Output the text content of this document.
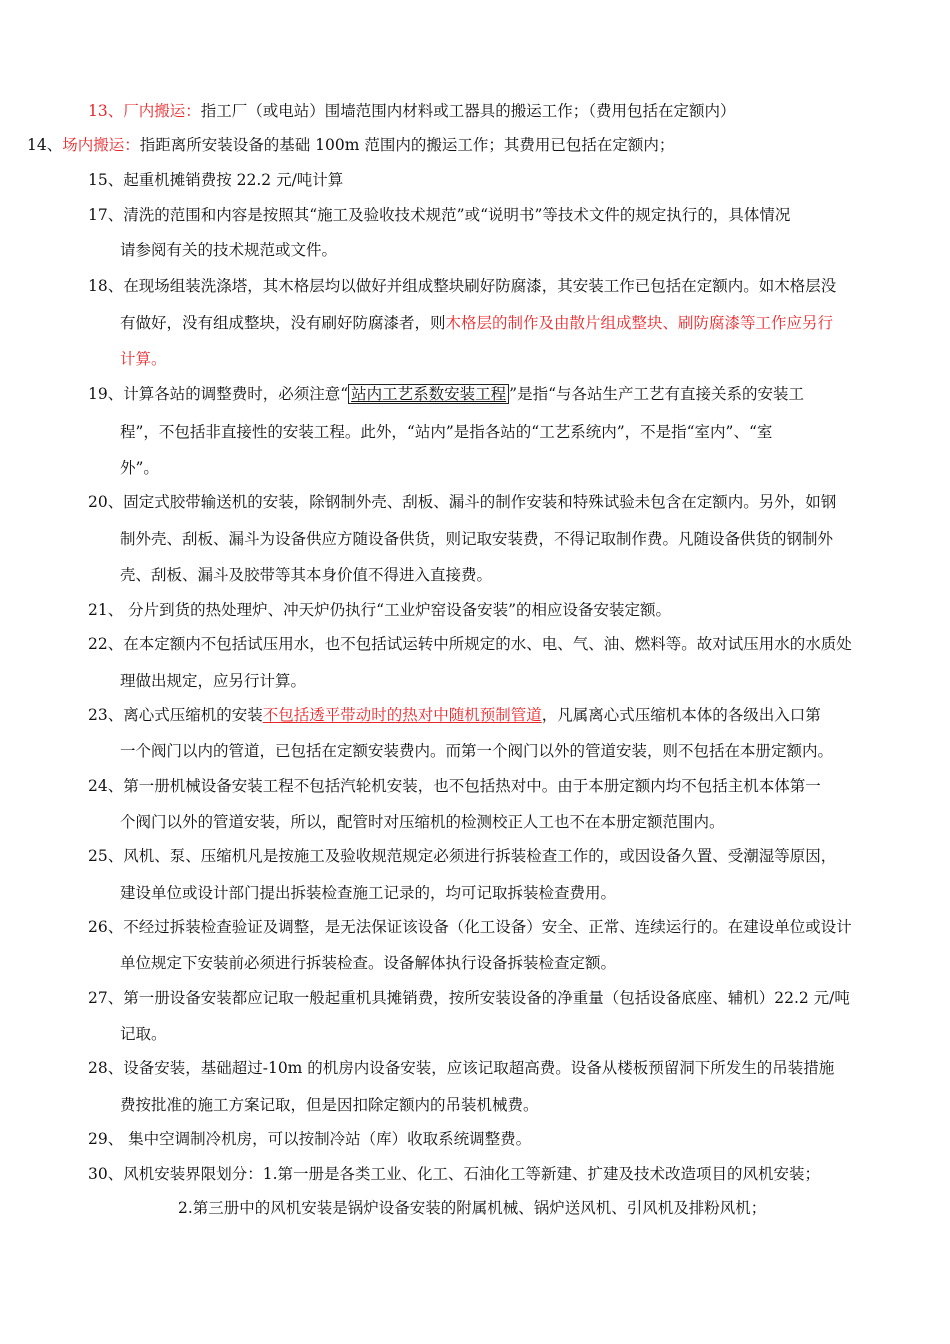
13、厂内搬运：指工厂（或电站）围墙范围内材料或工器具的搬运工作；（费用包括在定额内）
14、场内搬运：指距离所安装设备的基础 100m 范围内的搬运工作；其费用已包括在定额内；
15、起重机摊销费按 22.2 元/吨计算
17、清洗的范围和内容是按照其“施工及验收技术规范”或“说明书”等技术文件的规定执行的，具体情况
请参阅有关的技术规范或文件。
18、在现场组装洗涤塔，其木格层均以做好并组成整块刷好防腐漆，其安装工作已包括在定额内。如木格层没
有做好，没有组成整块，没有刷好防腐漆者，则木格层的制作及由散片组成整块、刷防腐漆等工作应另行
计算。
19、计算各站的调整费时，必须注意“ 站内工艺系数安装工程 ”是指“与各站生产工艺有直接关系的安装工
程”，不包括非直接性的安装工程。此外，“站内”是指各站的“工艺系统内”，不是指“室内”、“室
外”。
20、固定式胶带输送机的安装，除钢制外壳、刮板、漏斗的制作安装和特殊试验未包含在定额内。另外，如钢
制外壳、刮板、漏斗为设备供应方随设备供货，则记取安装费，不得记取制作费。凡随设备供货的钢制外
壳、刮板、漏斗及胶带等其本身价值不得进入直接费。
21、 分片到货的热处理炉、冲天炉仍执行“工业炉窑设备安装”的相应设备安装定额。
22、在本定额内不包括试压用水，也不包括试运转中所规定的水、电、气、油、燃料等。故对试压用水的水质处
理做出规定，应另行计算。
23、离心式压缩机的安装不包括透平带动时的热对中随机预制管道，凡属离心式压缩机本体的各级出入口第
一个阀门以内的管道，已包括在定额安装费内。而第一个阀门以外的管道安装，则不包括在本册定额内。
24、第一册机械设备安装工程不包括汽轮机安装，也不包括热对中。由于本册定额内均不包括主机本体第一
个阀门以外的管道安装，所以，配管时对压缩机的检测校正人工也不在本册定额范围内。
25、风机、泵、压缩机凡是按施工及验收规范规定必须进行拆装检查工作的，或因设备久置、受潮湿等原因，
建设单位或设计部门提出拆装检查施工记录的，均可记取拆装检查费用。
26、不经过拆装检查验证及调整，是无法保证该设备（化工设备）安全、正常、连续运行的。在建设单位或设计
单位规定下安装前必须进行拆装检查。设备解体执行设备拆装检查定额。
27、第一册设备安装都应记取一般起重机具摊销费，按所安装设备的净重量（包括设备底座、辅机）22.2 元/吨
记取。
28、设备安装，基础超过-10m 的机房内设备安装，应该记取超高费。设备从楼板预留洞下所发生的吊装措施
费按批准的施工方案记取，但是因扣除定额内的吊装机械费。
29、 集中空调制冷机房，可以按制冷站（库）收取系统调整费。
30、风机安装界限划分：1.第一册是各类工业、化工、石油化工等新建、扩建及技术改造项目的风机安装；
2.第三册中的风机安装是锅炉设备安装的附属机械、锅炉送风机、引风机及排粉风机；
